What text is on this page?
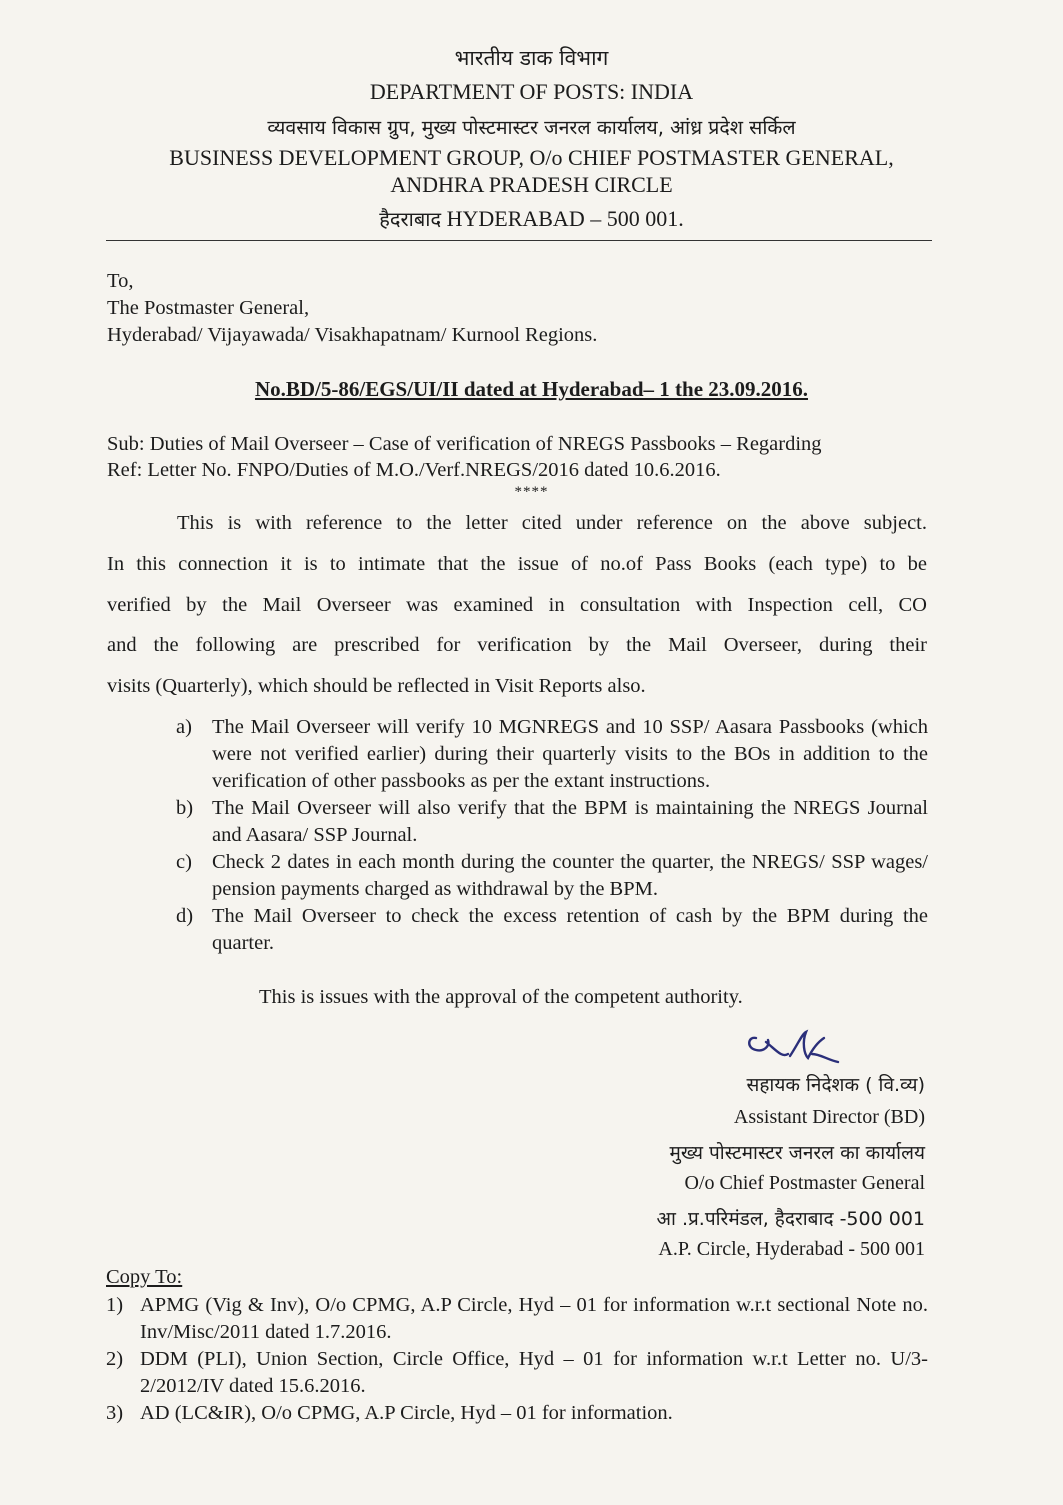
भारतीय डाक विभाग
DEPARTMENT OF POSTS: INDIA
व्यवसाय विकास ग्रुप, मुख्य पोस्टमास्टर जनरल कार्यालय, आंध्र प्रदेश सर्किल
BUSINESS DEVELOPMENT GROUP, O/o CHIEF POSTMASTER GENERAL,
ANDHRA PRADESH CIRCLE
हैदराबाद HYDERABAD – 500 001.
To,
The Postmaster General,
Hyderabad/ Vijayawada/ Visakhapatnam/ Kurnool Regions.
No.BD/5-86/EGS/UI/II dated at Hyderabad– 1 the 23.09.2016.
Sub: Duties of Mail Overseer – Case of verification of NREGS Passbooks – Regarding
Ref: Letter No. FNPO/Duties of M.O./Verf.NREGS/2016 dated 10.6.2016.
****
This is with reference to the letter cited under reference on the above subject.
In this connection it is to intimate that the issue of no.of Pass Books (each type) to be
verified by the Mail Overseer was examined in consultation with Inspection cell, CO
and the following are prescribed for verification by the Mail Overseer, during their
visits (Quarterly), which should be reflected in Visit Reports also.
a) The Mail Overseer will verify 10 MGNREGS and 10 SSP/ Aasara Passbooks (which were not verified earlier) during their quarterly visits to the BOs in addition to the verification of other passbooks as per the extant instructions.
b) The Mail Overseer will also verify that the BPM is maintaining the NREGS Journal and Aasara/ SSP Journal.
c) Check 2 dates in each month during the counter the quarter, the NREGS/ SSP wages/ pension payments charged as withdrawal by the BPM.
d) The Mail Overseer to check the excess retention of cash by the BPM during the quarter.
This is issues with the approval of the competent authority.
सहायक निदेशक ( वि.व्य)
Assistant Director (BD)
मुख्य पोस्टमास्टर जनरल का कार्यालय
O/o Chief Postmaster General
आ .प्र.परिमंडल, हैदराबाद -500 001
A.P. Circle, Hyderabad - 500 001
Copy To:
1) APMG (Vig & Inv), O/o CPMG, A.P Circle, Hyd – 01 for information w.r.t sectional Note no. Inv/Misc/2011 dated 1.7.2016.
2) DDM (PLI), Union Section, Circle Office, Hyd – 01 for information w.r.t Letter no. U/3-2/2012/IV dated 15.6.2016.
3) AD (LC&IR), O/o CPMG, A.P Circle, Hyd – 01 for information.
